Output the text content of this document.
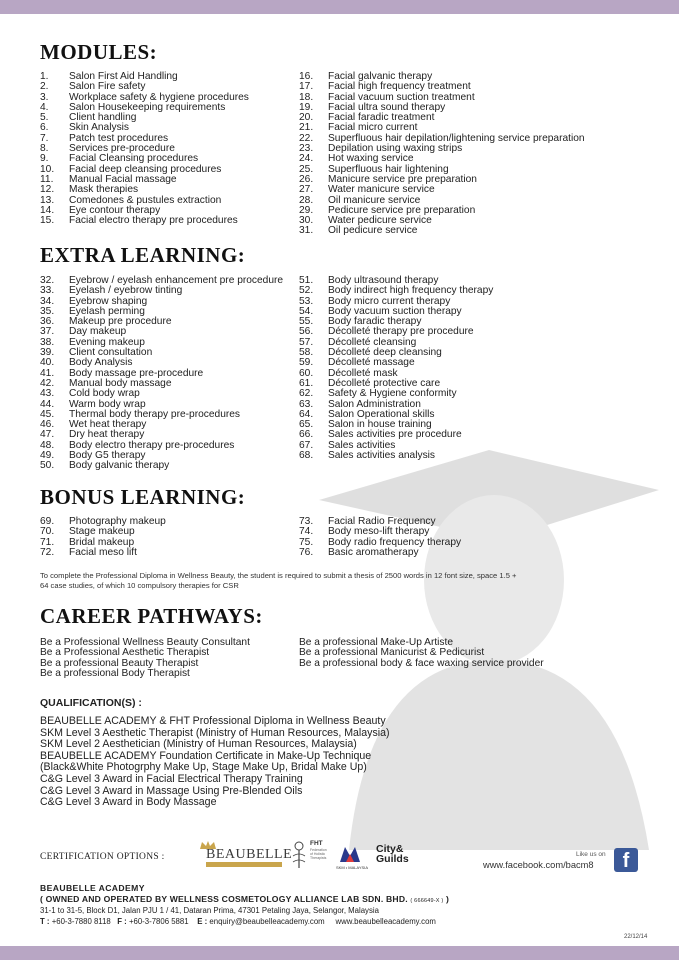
MODULES:
1.	Salon First Aid Handling
2.	Salon Fire safety
3.	Workplace safety & hygiene procedures
4.	Salon Housekeeping requirements
5.	Client handling
6.	Skin Analysis
7.	Patch test procedures
8.	Services pre-procedure
9.	Facial Cleansing procedures
10.	Facial deep cleansing procedures
11.	Manual Facial massage
12.	Mask therapies
13.	Comedones & pustules extraction
14.	Eye contour therapy
15.	Facial electro therapy pre procedures
16.	Facial galvanic therapy
17.	Facial high frequency treatment
18.	Facial vacuum suction treatment
19.	Facial ultra sound therapy
20.	Facial faradic treatment
21.	Facial micro current
22.	Superfluous hair depilation/lightening service preparation
23.	Depilation using waxing strips
24.	Hot waxing service
25.	Superfluous hair lightening
26.	Manicure service pre preparation
27.	Water manicure service
28.	Oil manicure service
29.	Pedicure service pre preparation
30.	Water pedicure service
31.	Oil pedicure service
EXTRA LEARNING:
32.	Eyebrow / eyelash enhancement pre procedure
33.	Eyelash / eyebrow tinting
34.	Eyebrow shaping
35.	Eyelash perming
36.	Makeup pre procedure
37.	Day makeup
38.	Evening makeup
39.	Client consultation
40.	Body Analysis
41.	Body massage pre-procedure
42.	Manual body massage
43.	Cold body wrap
44.	Warm body wrap
45.	Thermal body therapy pre-procedures
46.	Wet heat therapy
47.	Dry heat therapy
48.	Body electro therapy pre-procedures
49.	Body G5 therapy
50.	Body galvanic therapy
51.	Body ultrasound therapy
52.	Body indirect high frequency therapy
53.	Body micro current therapy
54.	Body vacuum suction therapy
55.	Body faradic therapy
56.	Décolleté therapy pre procedure
57.	Décolleté cleansing
58.	Décolleté deep cleansing
59.	Décolleté massage
60.	Décolleté mask
61.	Décolleté protective care
62.	Safety & Hygiene conformity
63.	Salon Administration
64.	Salon Operational skills
65.	Salon in house training
66.	Sales activities pre procedure
67.	Sales activities
68.	Sales activities analysis
BONUS LEARNING:
69.	Photography makeup
70.	Stage makeup
71.	Bridal makeup
72.	Facial meso lift
73.	Facial Radio Frequency
74.	Body meso-lift therapy
75.	Body radio frequency therapy
76.	Basic aromatherapy
To complete the Professional Diploma in Wellness Beauty, the student is required to submit a thesis of 2500 words in 12 font size, space 1.5 +
64 case studies, of which 10 compulsory therapies for CSR
CAREER PATHWAYS:
Be a Professional Wellness Beauty Consultant
Be a Professional Aesthetic Therapist
Be a professional Beauty Therapist
Be a professional Body Therapist
Be a professional Make-Up Artiste
Be a professional Manicurist & Pedicurist
Be a professional body & face waxing service provider
QUALIFICATION(S) :
BEAUBELLE ACADEMY & FHT Professional Diploma in Wellness Beauty
SKM Level 3 Aesthetic Therapist (Ministry of Human Resources, Malaysia)
SKM Level 2 Aesthetician (Ministry of Human Resources, Malaysia)
BEAUBELLE ACADEMY Foundation Certificate in Make-Up Technique
(Black&White Photogrphy Make Up, Stage Make Up, Bridal Make Up)
C&G Level 3 Award in Facial Electrical Therapy Training
C&G Level 3 Award in Massage Using Pre-Blended Oils
C&G Level 3 Award in Body Massage
CERTIFICATION OPTIONS :	BEAUBELLE
FHT
Federation of Holistic Therapists
SKM • MALAYSIA
City&
Guilds	Like us on
www.facebook.com/bacm8	f
BEAUBELLE ACADEMY
( OWNED AND OPERATED BY WELLNESS COSMETOLOGY ALLIANCE LAB SDN. BHD. ( 666649-X ) )
31-1 to 31-5, Block D1, Jalan PJU 1 / 41, Dataran Prima, 47301 Petaling Jaya, Selangor, Malaysia
T : +60-3-7880 8118 F : +60-3-7806 5881 E : enquiry@beaubelleacademy.com www.beaubelleacademy.com
22/12/14
